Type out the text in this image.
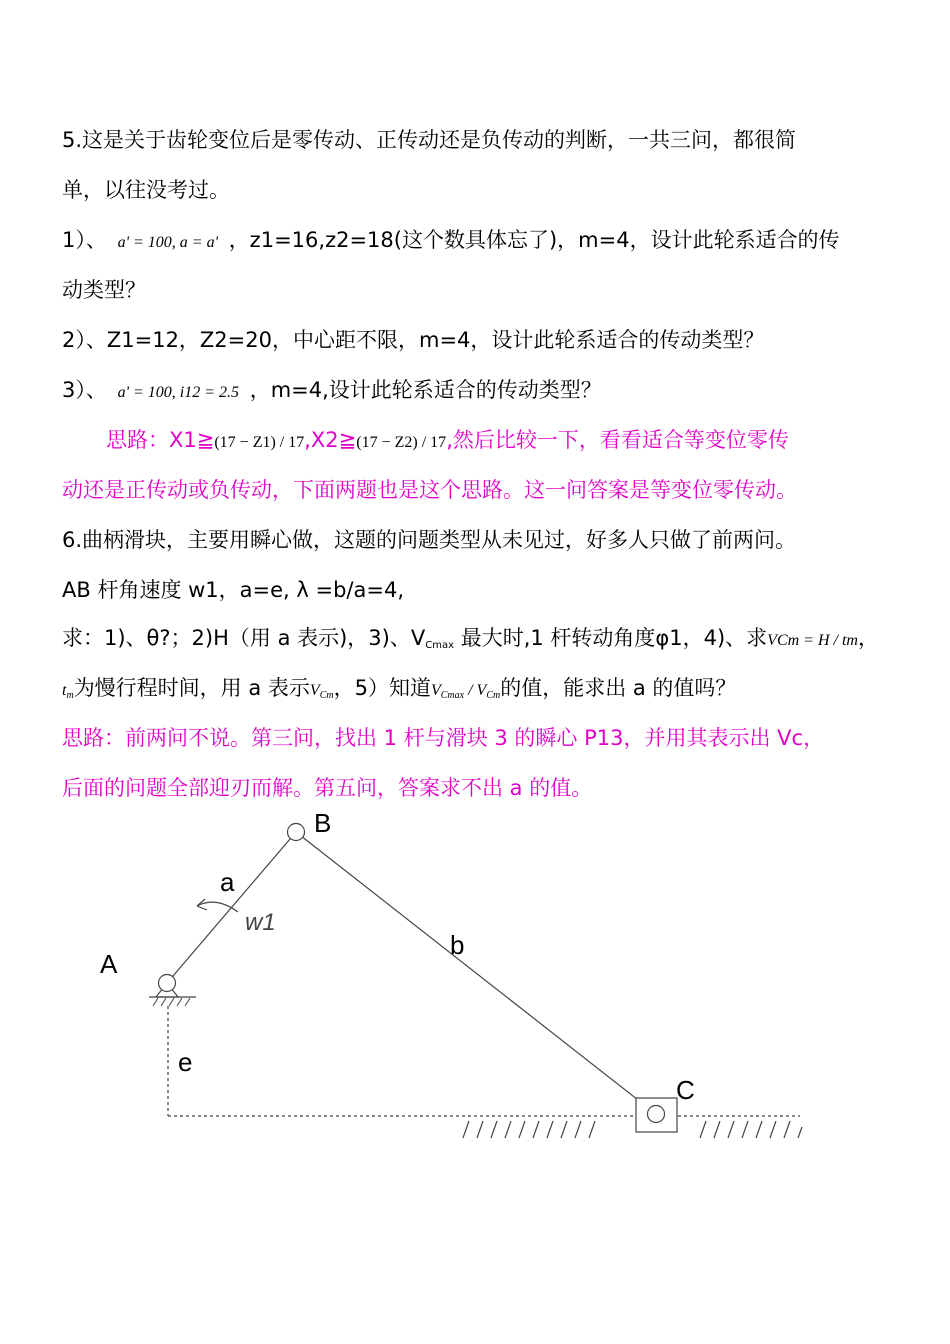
5.这是关于齿轮变位后是零传动、正传动还是负传动的判断，一共三问，都很简
单，以往没考过。
1）、 a' = 100, a = a' ，z1=16,z2=18(这个数具体忘了)，m=4，设计此轮系适合的传
动类型？
2）、Z1=12，Z2=20，中心距不限，m=4，设计此轮系适合的传动类型？
3）、 a' = 100, i12 = 2.5 ，m=4,设计此轮系适合的传动类型？
思路：X1≧(17 − Z1) / 17,X2≧(17 − Z2) / 17,然后比较一下，看看适合等变位零传
动还是正传动或负传动，下面两题也是这个思路。这一问答案是等变位零传动。
6.曲柄滑块，主要用瞬心做，这题的问题类型从未见过，好多人只做了前两问。
AB 杆角速度 w1，a=e, λ =b/a=4,
求：1)、θ?；2)H（用 a 表示)，3)、$V_{Cmax}$ 最大时,1 杆转动角度φ1，4)、求VCm = H / tm，
$t_m$为慢行程时间，用 a 表示$V_{Cm}$，5）知道$V_{Cmax} / V_{Cm}$的值，能求出 a 的值吗？
思路：前两问不说。第三问，找出 1 杆与滑块 3 的瞬心 P13，并用其表示出 Vc，
后面的问题全部迎刃而解。第五问，答案求不出 a 的值。
A
B
C
a
b
e
w1
